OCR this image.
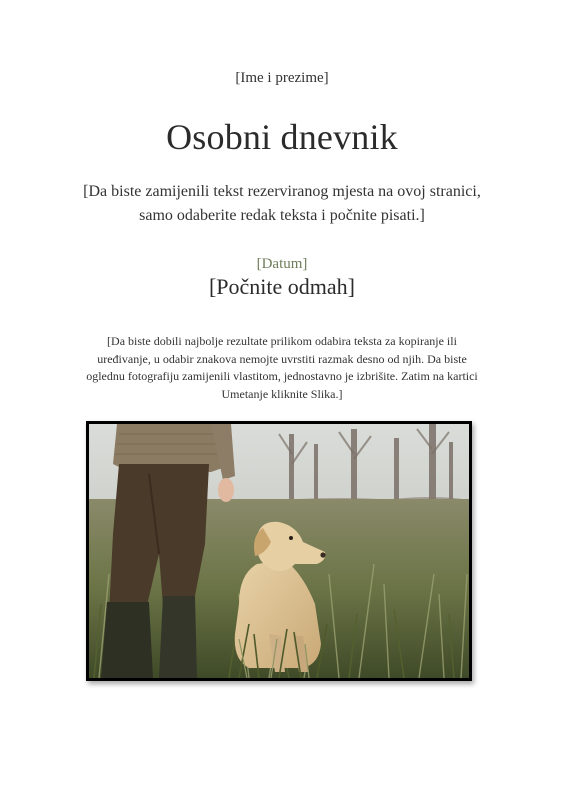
[Ime i prezime]
Osobni dnevnik
[Da biste zamijenili tekst rezerviranog mjesta na ovoj stranici, samo odaberite redak teksta i počnite pisati.]
[Datum]
[Počnite odmah]
[Da biste dobili najbolje rezultate prilikom odabira teksta za kopiranje ili uređivanje, u odabir znakova nemojte uvrstiti razmak desno od njih. Da biste oglednu fotografiju zamijenili vlastitom, jednostavno je izbrišite. Zatim na kartici Umetanje kliknite Slika.]
